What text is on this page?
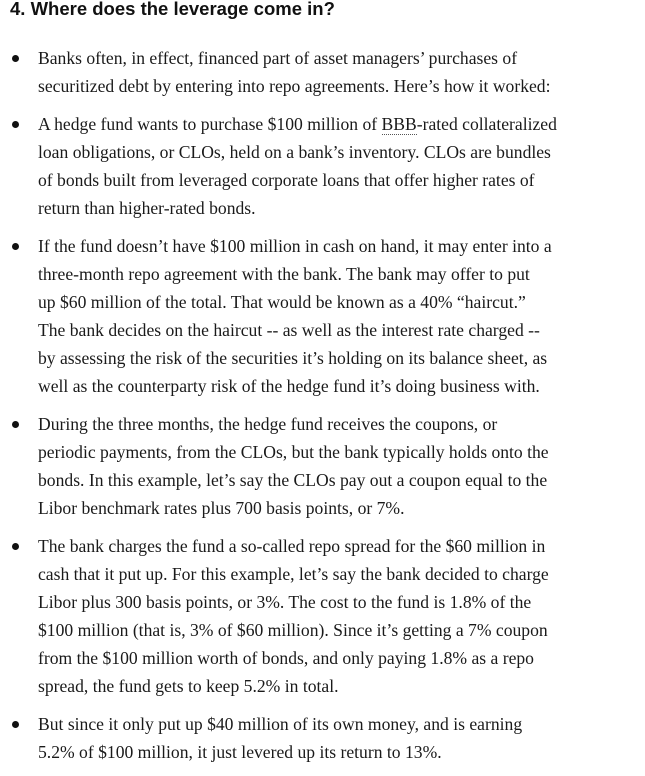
4. Where does the leverage come in?

Banks often, in effect, financed part of asset managers’ purchases of
securitized debt by entering into repo agreements. Here’s how it worked:

A hedge fund wants to purchase $100 million of BBB-rated collateralized
loan obligations, or CLOs, held on a bank’s inventory. CLOs are bundles
of bonds built from leveraged corporate loans that offer higher rates of
return than higher-rated bonds.

If the fund doesn’t have $100 million in cash on hand, it may enter into a
three-month repo agreement with the bank. The bank may offer to put
up $60 million of the total. That would be known as a 40% “haircut.”
The bank decides on the haircut -- as well as the interest rate charged --
by assessing the risk of the securities it’s holding on its balance sheet, as
well as the counterparty risk of the hedge fund it’s doing business with.

During the three months, the hedge fund receives the coupons, or
periodic payments, from the CLOs, but the bank typically holds onto the
bonds. In this example, let’s say the CLOs pay out a coupon equal to the
Libor benchmark rates plus 700 basis points, or 7%.

The bank charges the fund a so-called repo spread for the $60 million in
cash that it put up. For this example, let’s say the bank decided to charge
Libor plus 300 basis points, or 3%. The cost to the fund is 1.8% of the
$100 million (that is, 3% of $60 million). Since it’s getting a 7% coupon
from the $100 million worth of bonds, and only paying 1.8% as a repo
spread, the fund gets to keep 5.2% in total.

But since it only put up $40 million of its own money, and is earning
5.2% of $100 million, it just levered up its return to 13%.
